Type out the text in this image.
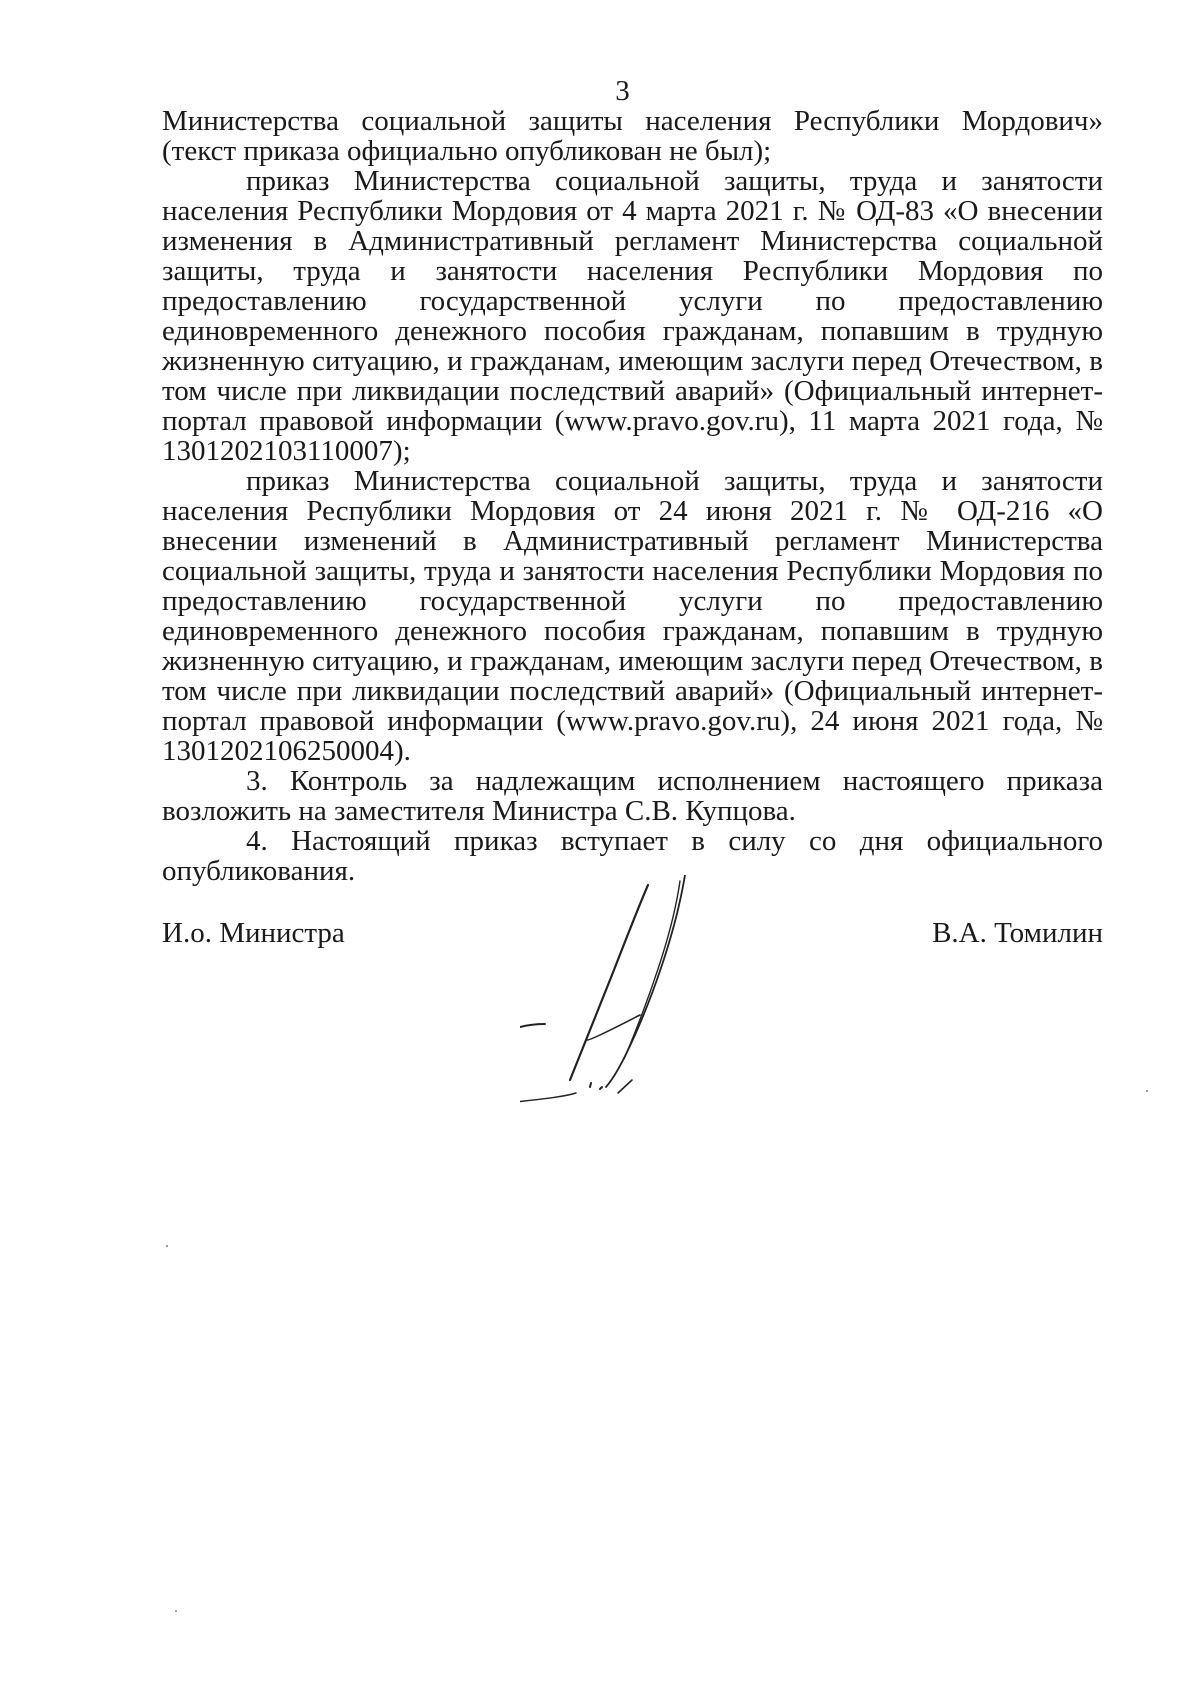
3

Министерства социальной защиты населения Республики Мордович» (текст приказа официально опубликован не был);

приказ Министерства социальной защиты, труда и занятости населения Республики Мордовия от 4 марта 2021 г. № ОД-83 «О внесении изменения в Административный регламент Министерства социальной защиты, труда и занятости населения Республики Мордовия по предоставлению государственной услуги по предоставлению единовременного денежного пособия гражданам, попавшим в трудную жизненную ситуацию, и гражданам, имеющим заслуги перед Отечеством, в том числе при ликвидации последствий аварий» (Официальный интернет-портал правовой информации (www.pravo.gov.ru), 11 марта 2021 года, № 1301202103110007);

приказ Министерства социальной защиты, труда и занятости населения Республики Мордовия от 24 июня 2021 г. № ОД-216 «О внесении изменений в Административный регламент Министерства социальной защиты, труда и занятости населения Республики Мордовия по предоставлению государственной услуги по предоставлению единовременного денежного пособия гражданам, попавшим в трудную жизненную ситуацию, и гражданам, имеющим заслуги перед Отечеством, в том числе при ликвидации последствий аварий» (Официальный интернет-портал правовой информации (www.pravo.gov.ru), 24 июня 2021 года, № 1301202106250004).

3. Контроль за надлежащим исполнением настоящего приказа возложить на заместителя Министра С.В. Купцова.

4. Настоящий приказ вступает в силу со дня официального опубликования.

И.о. Министра	В.А. Томилин
